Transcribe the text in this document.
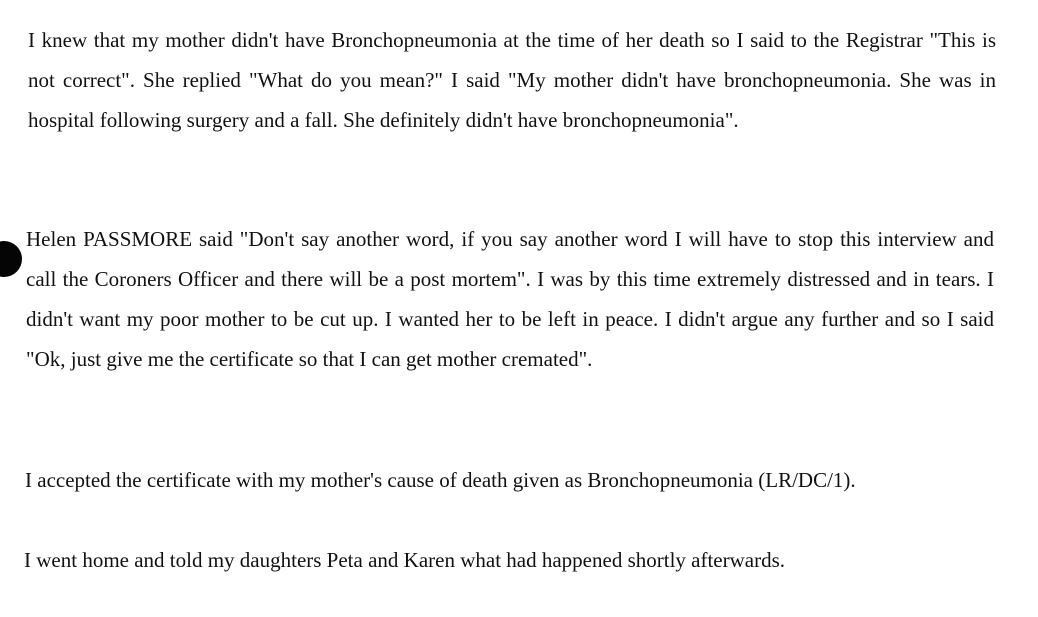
I knew that my mother didn't have Bronchopneumonia at the time of her death so I said to the Registrar "This is not correct". She replied "What do you mean?" I said "My mother didn't have bronchopneumonia. She was in hospital following surgery and a fall. She definitely didn't have bronchopneumonia".

Helen PASSMORE said "Don't say another word, if you say another word I will have to stop this interview and call the Coroners Officer and there will be a post mortem". I was by this time extremely distressed and in tears. I didn't want my poor mother to be cut up. I wanted her to be left in peace. I didn't argue any further and so I said "Ok, just give me the certificate so that I can get mother cremated".

I accepted the certificate with my mother's cause of death given as Bronchopneumonia (LR/DC/1).

I went home and told my daughters Peta and Karen what had happened shortly afterwards.
